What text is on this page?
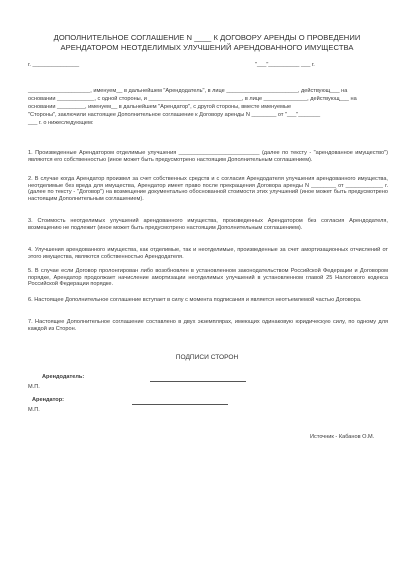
ДОПОЛНИТЕЛЬНОЕ СОГЛАШЕНИЕ N ____ К ДОГОВОРУ АРЕНДЫ О ПРОВЕДЕНИИ
АРЕНДАТОРОМ НЕОТДЕЛИМЫХ УЛУЧШЕНИЙ АРЕНДОВАННОГО ИМУЩЕСТВА
г. _______________	"___"__________ ___ г.
____________________, именуем__ в дальнейшем "Арендодатель", в лице _______________________, действующ___ на
основании ____________, с одной стороны, и ______________________________, в лице ______________, действующ___ на
основании _________, именуем__ в дальнейшем "Арендатор", с другой стороны, вместе именуемые
"Стороны", заключили настоящее Дополнительное соглашение к Договору аренды N ________ от "___"_______
___ г. о нижеследующем:
1. Произведенные Арендатором отделимые улучшения __________________________ (далее по тексту - "арендованное имущество") являются его собственностью (иное может быть предусмотрено настоящим Дополнительным соглашением).
2. В случае когда Арендатор произвел за счет собственных средств и с согласия Арендодателя улучшения арендованного имущества, неотделимые без вреда для имущества, Арендатор имеет право после прекращения Договора аренды N ________ от ____________ г. (далее по тексту - "Договор") на возмещение документально обоснованной стоимости этих улучшений (иное может быть предусмотрено настоящим Дополнительным соглашением).
3. Стоимость неотделимых улучшений арендованного имущества, произведенных Арендатором без согласия Арендодателя, возмещению не подлежит (иное может быть предусмотрено настоящим Дополнительным соглашением).
4. Улучшения арендованного имущества, как отделимые, так и неотделимые, произведенные за счет амортизационных отчислений от этого имущества, являются собственностью Арендодателя.
5. В случае если Договор пролонгирован либо возобновлен в установленном законодательством Российской Федерации и Договором порядке, Арендатор продолжает начисление амортизации неотделимых улучшений в установленном главой 25 Налогового кодекса Российской Федерации порядке.
6. Настоящее Дополнительное соглашение вступает в силу с момента подписания и является неотъемлемой частью Договора.
7. Настоящее Дополнительное соглашение составлено в двух экземплярах, имеющих одинаковую юридическую силу, по одному для каждой из Сторон.
ПОДПИСИ СТОРОН
Арендодатель:
М.П.
Арендатор:
М.П.
Источник - Кабанов О.М.
